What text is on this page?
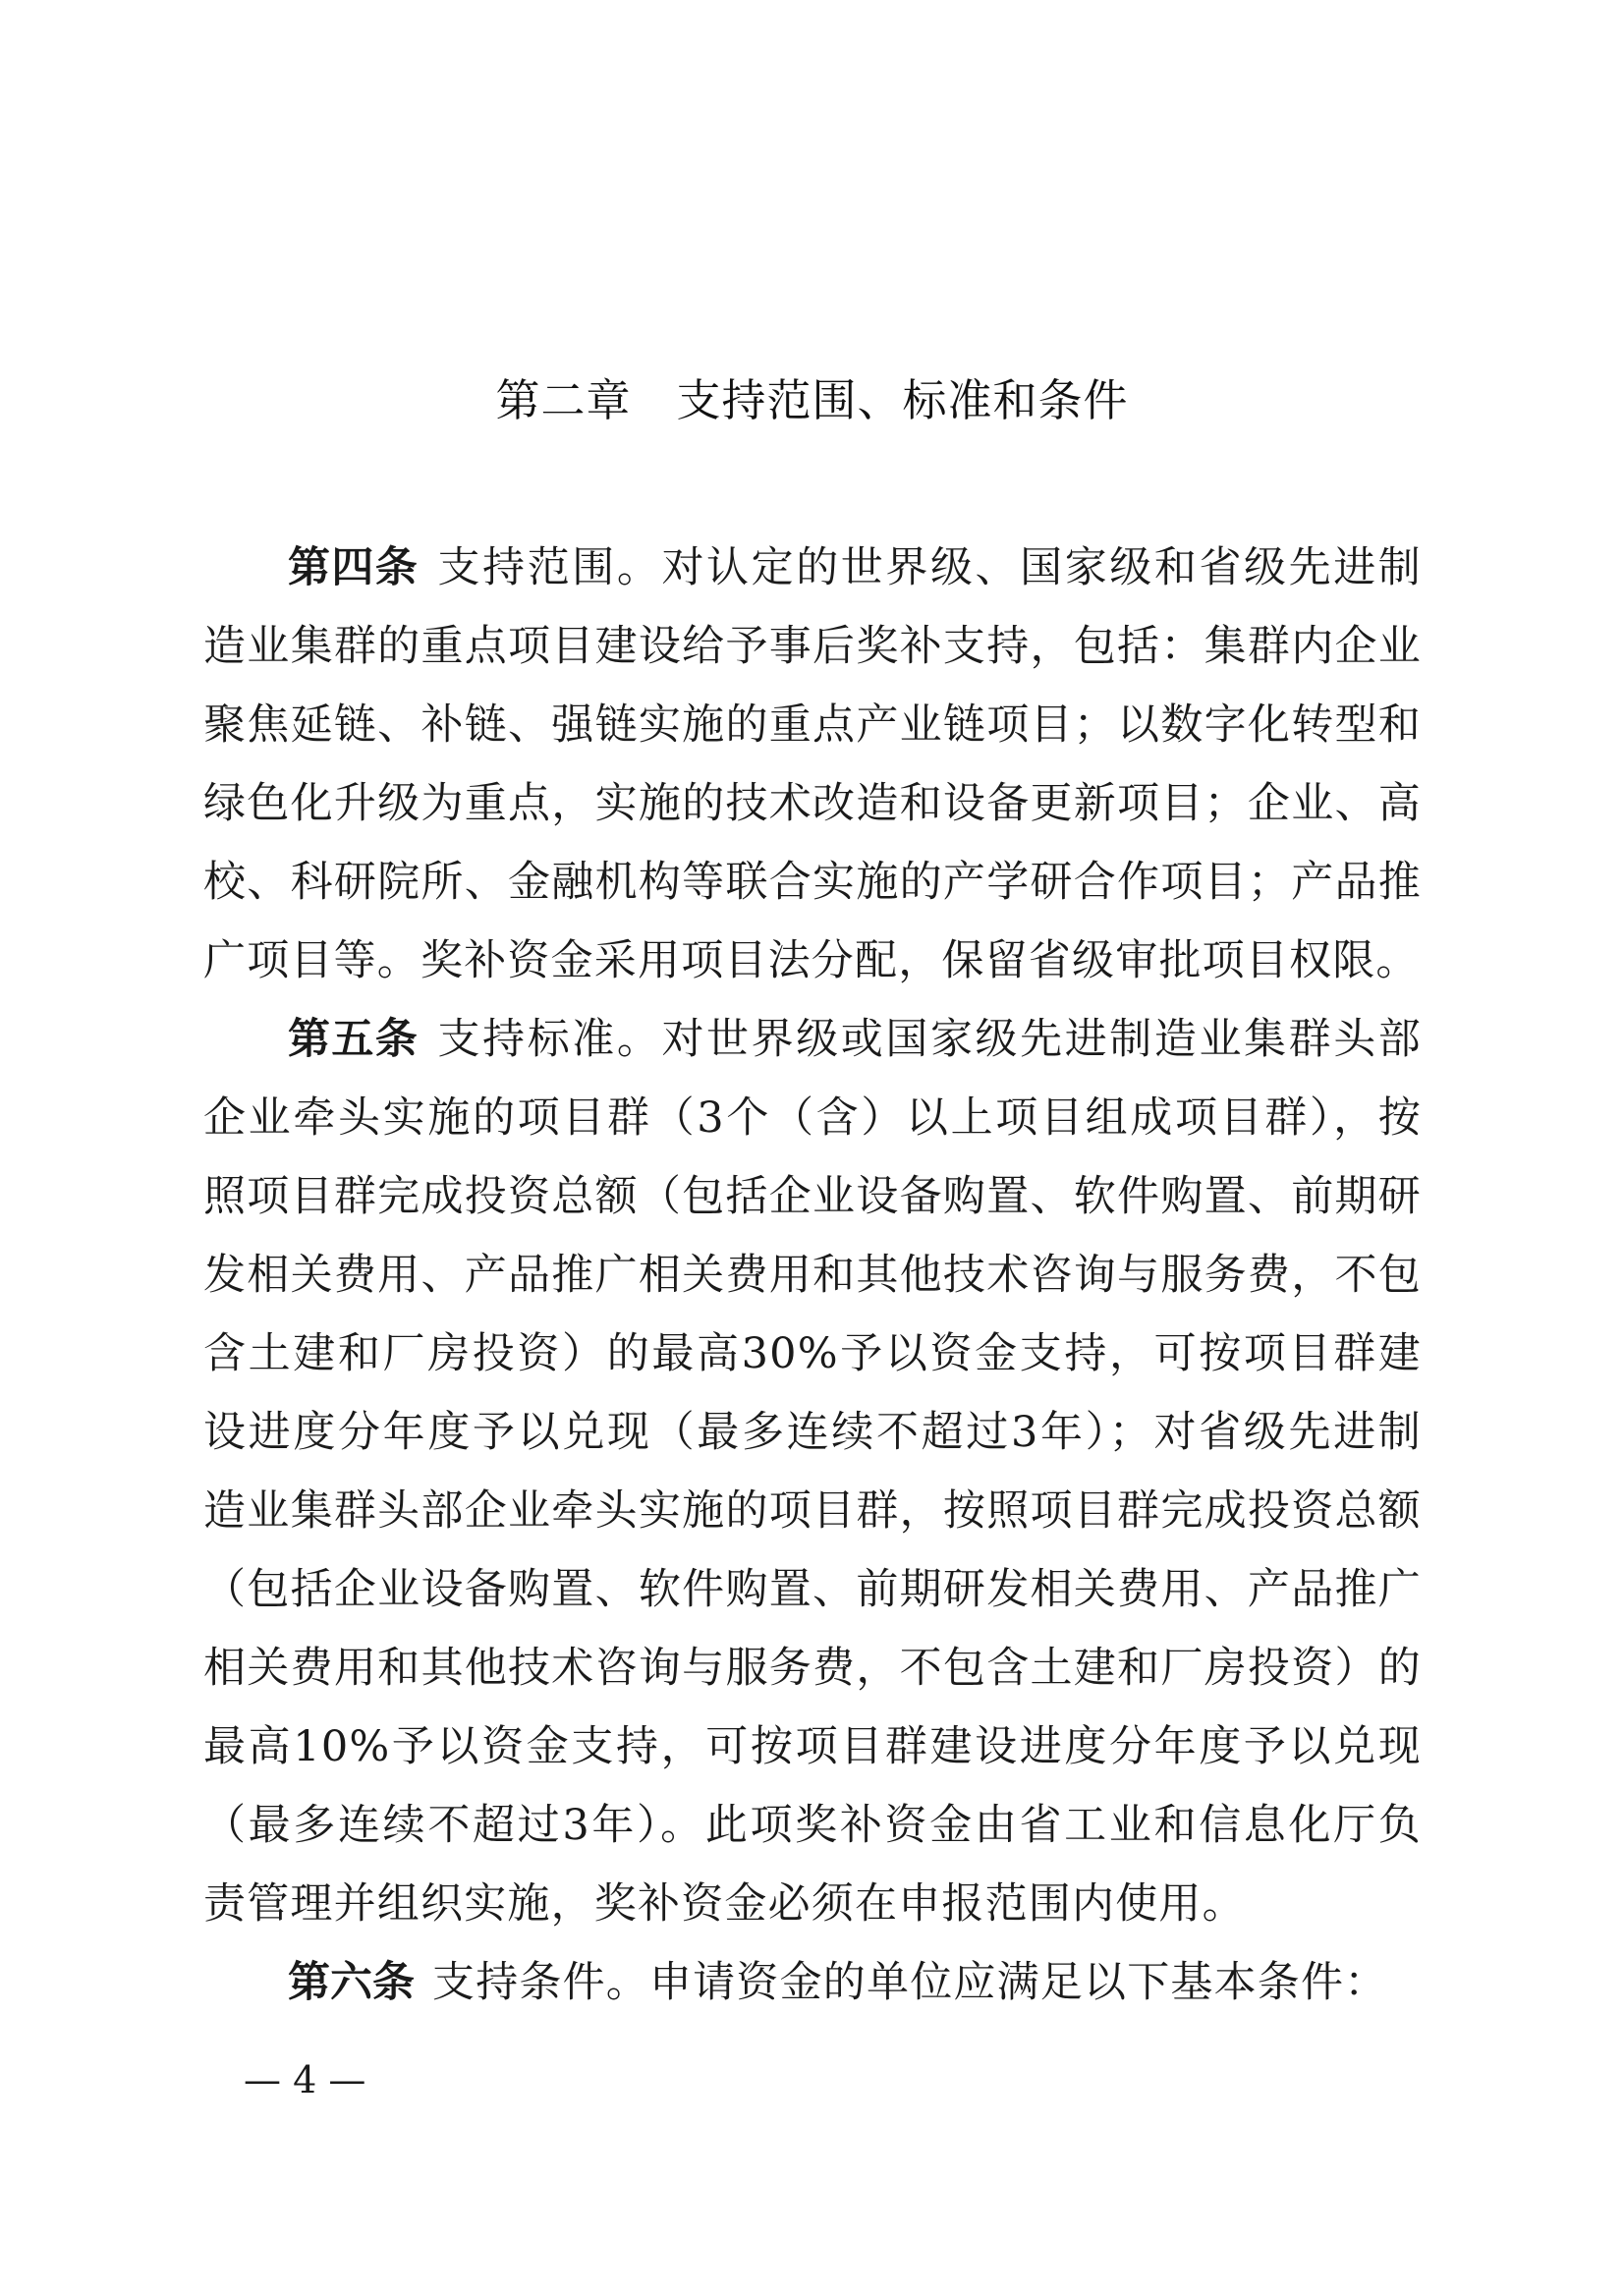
第二章　支持范围、标准和条件

第四条 支持范围。对认定的世界级、国家级和省级先进制造业集群的重点项目建设给予事后奖补支持，包括：集群内企业聚焦延链、补链、强链实施的重点产业链项目；以数字化转型和绿色化升级为重点，实施的技术改造和设备更新项目；企业、高校、科研院所、金融机构等联合实施的产学研合作项目；产品推广项目等。奖补资金采用项目法分配，保留省级审批项目权限。

第五条 支持标准。对世界级或国家级先进制造业集群头部企业牵头实施的项目群（3个（含）以上项目组成项目群），按照项目群完成投资总额（包括企业设备购置、软件购置、前期研发相关费用、产品推广相关费用和其他技术咨询与服务费，不包含土建和厂房投资）的最高30%予以资金支持，可按项目群建设进度分年度予以兑现（最多连续不超过3年）；对省级先进制造业集群头部企业牵头实施的项目群，按照项目群完成投资总额（包括企业设备购置、软件购置、前期研发相关费用、产品推广相关费用和其他技术咨询与服务费，不包含土建和厂房投资）的最高10%予以资金支持，可按项目群建设进度分年度予以兑现（最多连续不超过3年）。此项奖补资金由省工业和信息化厅负责管理并组织实施，奖补资金必须在申报范围内使用。

第六条 支持条件。申请资金的单位应满足以下基本条件：

— 4 —
